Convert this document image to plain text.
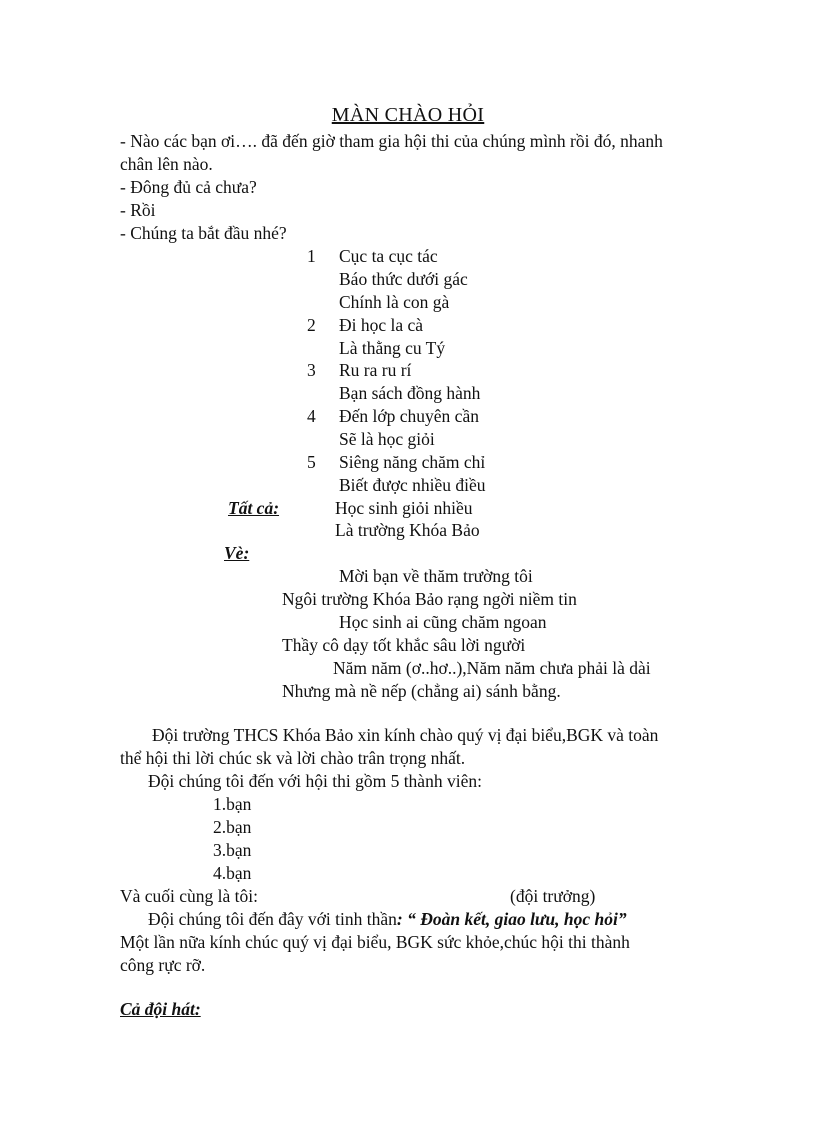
MÀN CHÀO HỎI
- Nào các bạn ơi…. đã đến giờ tham gia hội thi của chúng mình rồi đó, nhanh
chân lên nào.
- Đông đủ cả chưa?
- Rồi
- Chúng ta bắt đầu nhé?
1 Cục ta cục tác
Báo thức dưới gác
Chính là con gà
2 Đi học la cà
Là thằng cu Tý
3 Ru ra ru rí
Bạn sách đồng hành
4 Đến lớp chuyên cần
Sẽ là học giỏi
5 Siêng năng chăm chỉ
Biết được nhiều điều
Tất cả:	Học sinh giỏi nhiều
Là trường Khóa Bảo
Vè:
Mời bạn về thăm trường tôi
Ngôi trường Khóa Bảo rạng ngời niềm tin
Học sinh ai cũng chăm ngoan
Thầy cô dạy tốt khắc sâu lời người
Năm năm (ơ..hơ..),Năm năm chưa phải là dài
Nhưng mà nề nếp (chẳng ai) sánh bằng.
Đội trường THCS Khóa Bảo xin kính chào quý vị đại biểu,BGK và toàn
thể hội thi lời chúc sk và lời chào trân trọng nhất.
Đội chúng tôi đến với hội thi gồm 5 thành viên:
1.bạn
2.bạn
3.bạn
4.bạn
Và cuối cùng là tôi:	(đội trưởng)
Đội chúng tôi đến đây với tinh thần: “ Đoàn kết, giao lưu, học hỏi”
Một lần nữa kính chúc quý vị đại biểu, BGK sức khỏe,chúc hội thi thành
công rực rỡ.
Cả đội hát:
